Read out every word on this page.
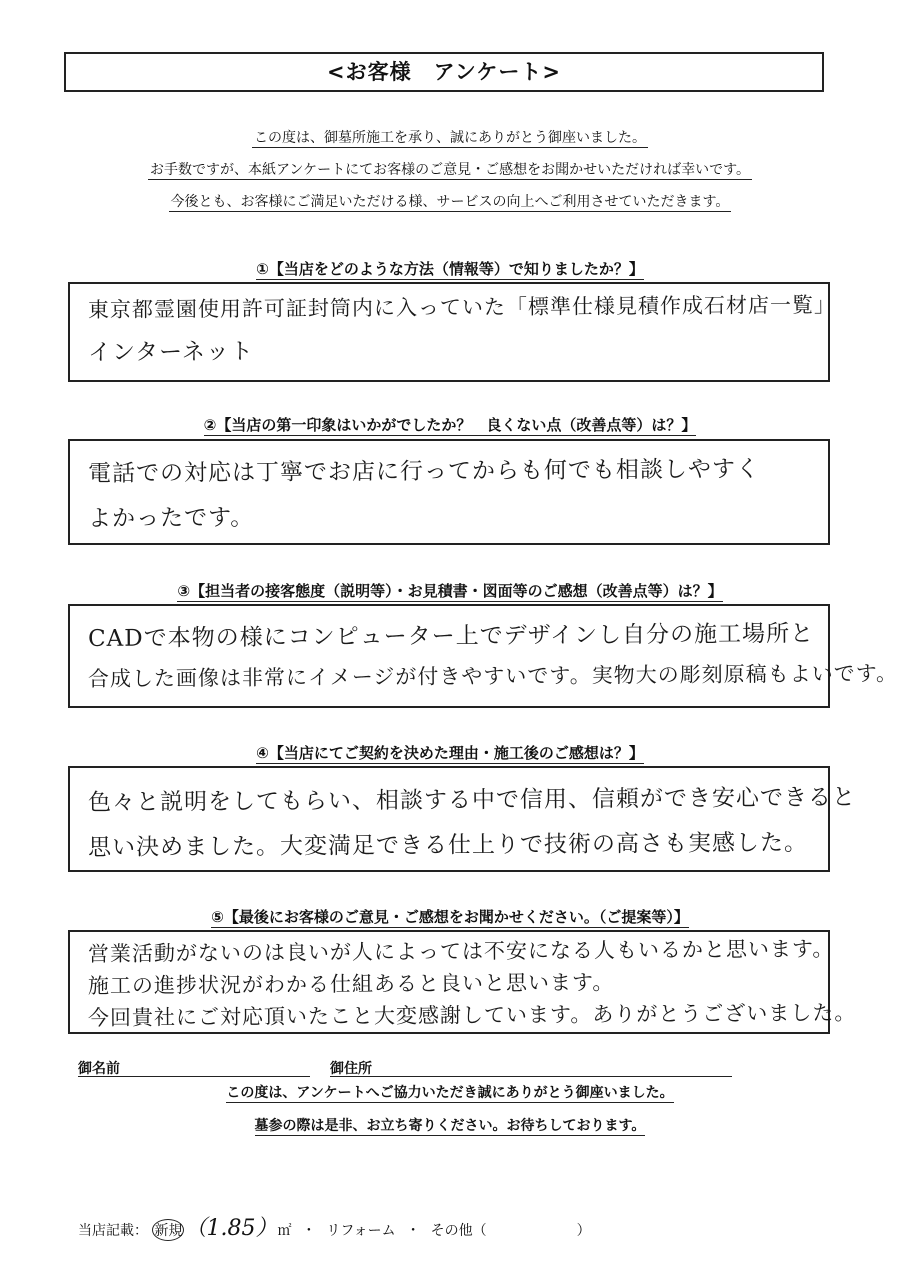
<お客様　アンケート>
この度は、御墓所施工を承り、誠にありがとう御座いました。
お手数ですが、本紙アンケートにてお客様のご意見・ご感想をお聞かせいただければ幸いです。
今後とも、お客様にご満足いただける様、サービスの向上へご利用させていただきます。
①【当店をどのような方法（情報等）で知りましたか？】
東京都霊園使用許可証封筒内に入っていた「標準仕様見積作成石材店一覧」
インターネット
②【当店の第一印象はいかがでしたか？　良くない点（改善点等）は？】
電話での対応は丁寧でお店に行ってからも何でも相談しやすく
よかったです。
③【担当者の接客態度（説明等）・お見積書・図面等のご感想（改善点等）は？】
CADで本物の様にコンピューター上でデザインし自分の施工場所と
合成した画像は非常にイメージが付きやすいです。実物大の彫刻原稿もよいです。
④【当店にてご契約を決めた理由・施工後のご感想は？】
色々と説明をしてもらい、相談する中で信用、信頼ができ安心できると
思い決めました。大変満足できる仕上りで技術の高さも実感した。
⑤【最後にお客様のご意見・ご感想をお聞かせください。（ご提案等）】
営業活動がないのは良いが人によっては不安になる人もいるかと思います。
施工の進捗状況がわかる仕組あると良いと思います。
今回貴社にご対応頂いたこと大変感謝しています。ありがとうございました。
御名前	御住所
この度は、アンケートへご協力いただき誠にありがとう御座いました。
墓参の際は是非、お立ち寄りください。お待ちしております。
当店記載： 新規（1.85）㎡ ・ リフォーム ・ その他（	）
